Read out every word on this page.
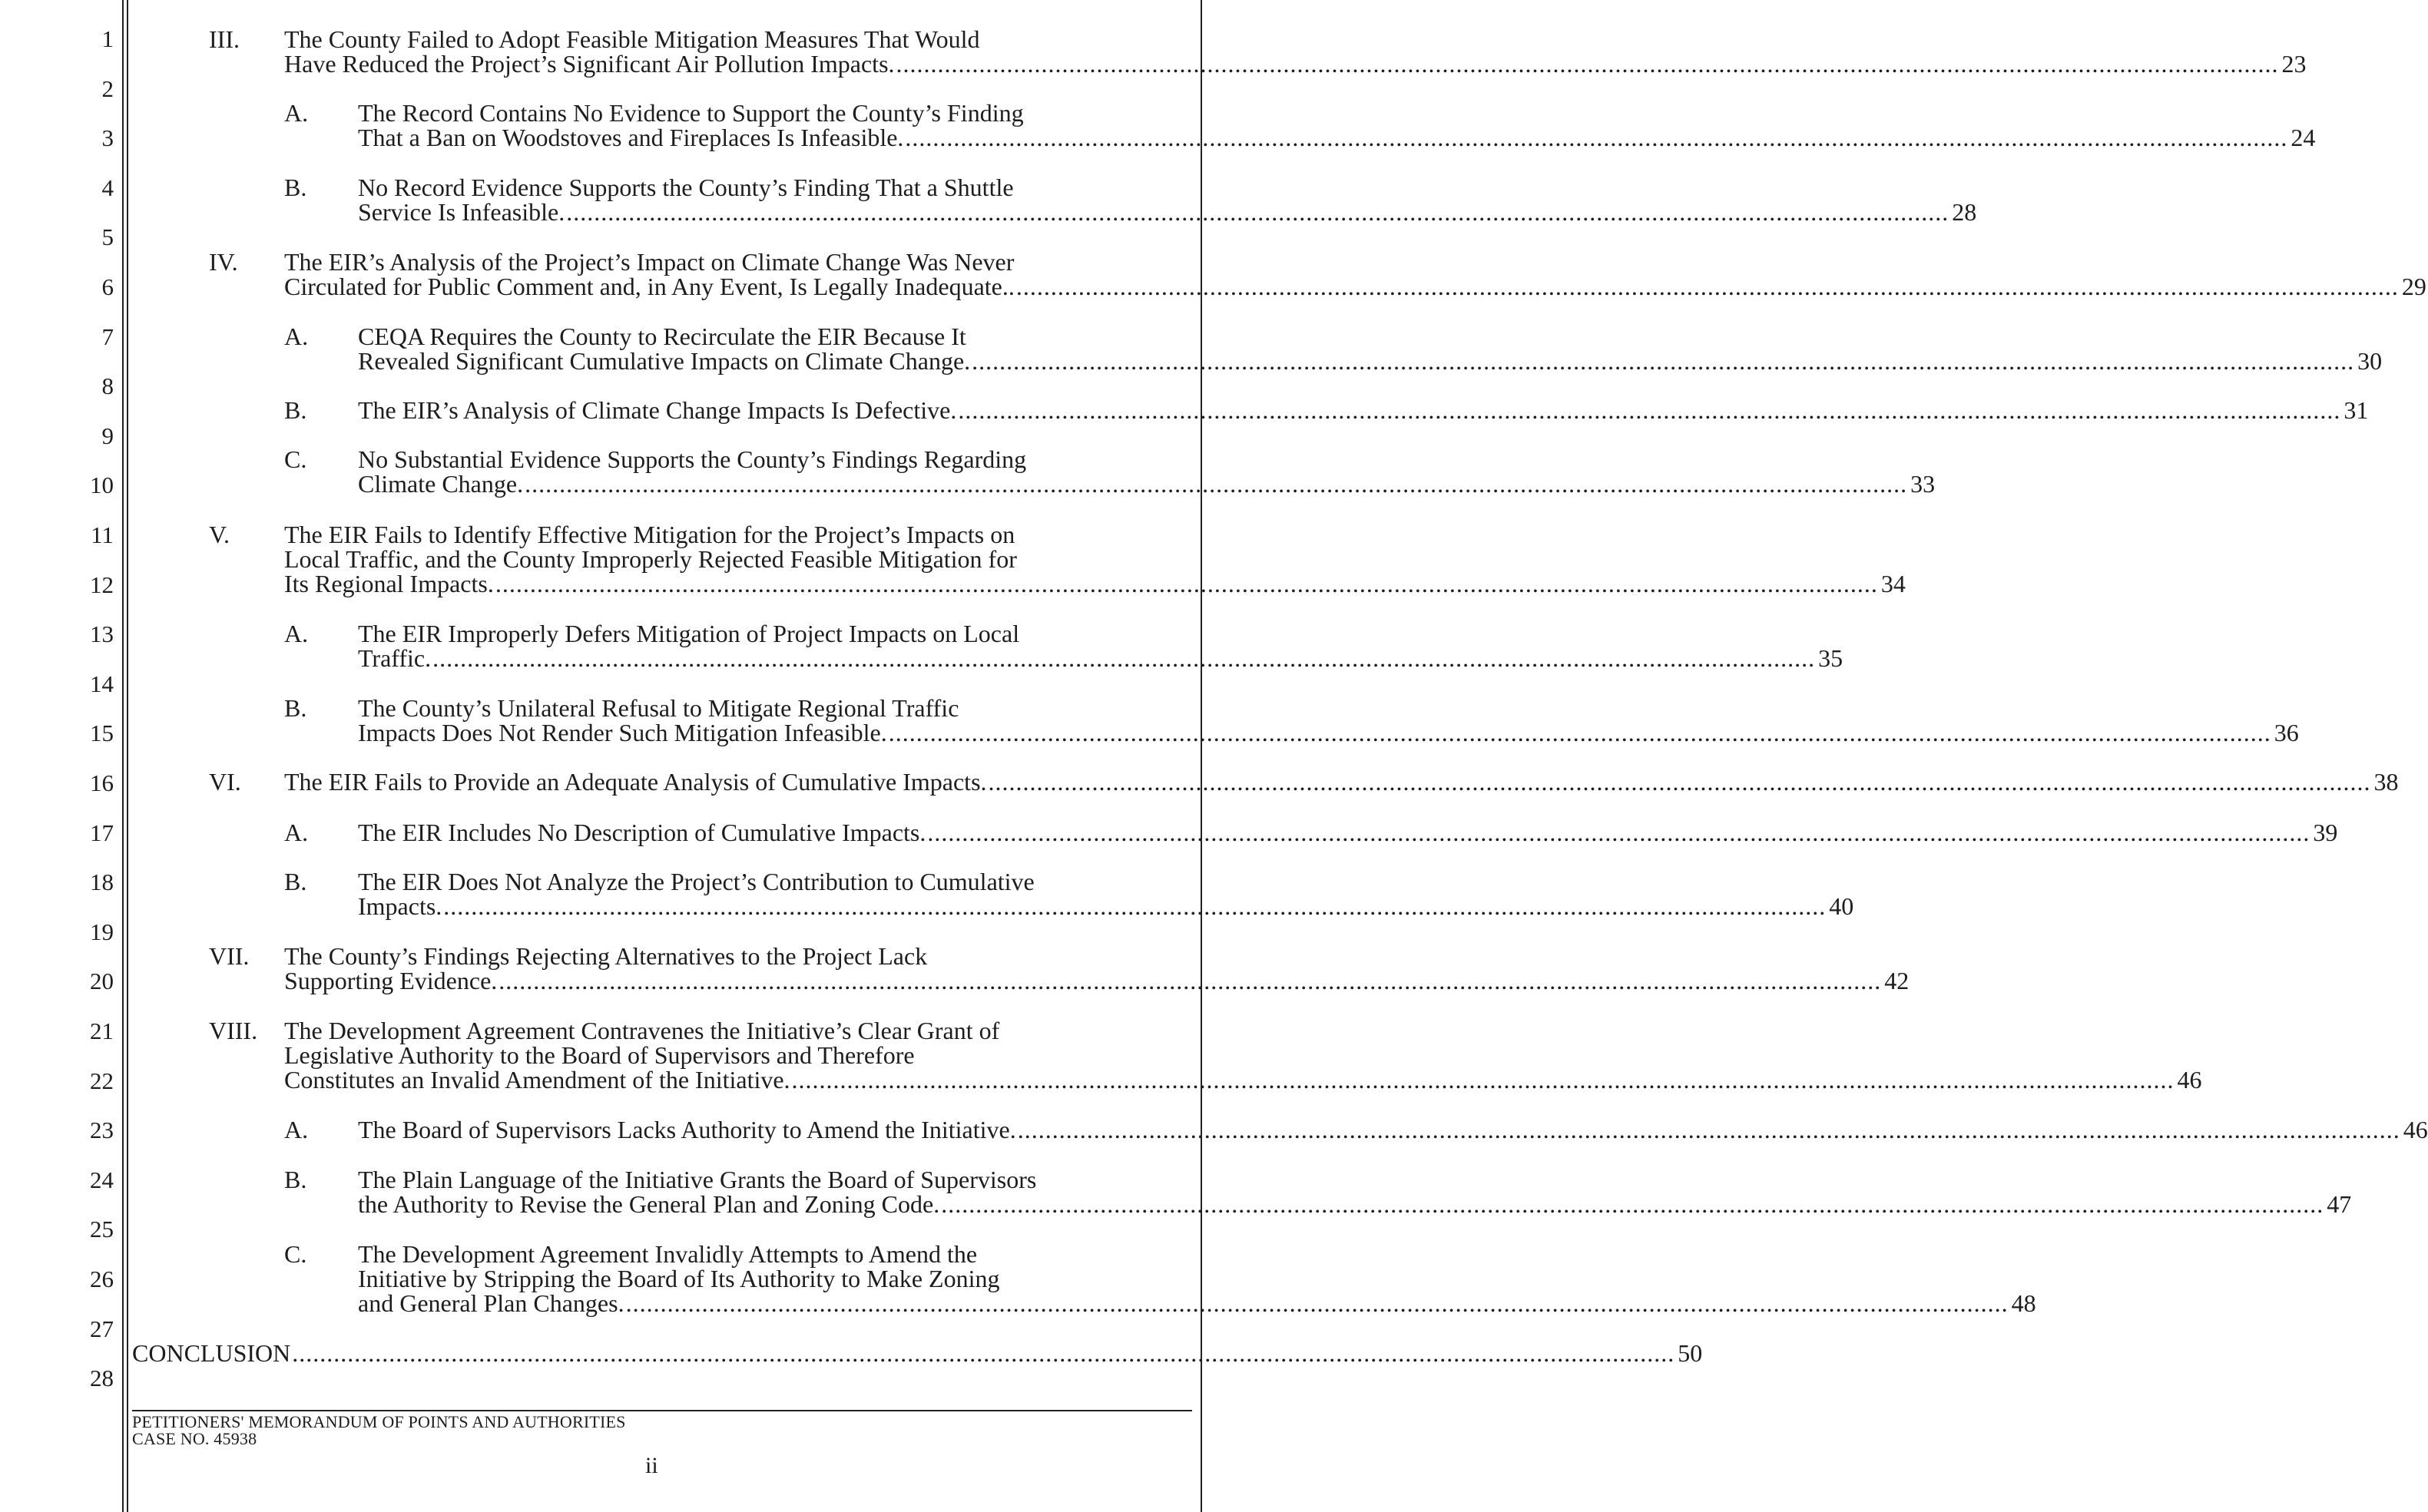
1
2
3
4
5
6
7
8
9
10
11
12
13
14
15
16
17
18
19
20
21
22
23
24
25
26
27
28
III. The County Failed to Adopt Feasible Mitigation Measures That Would
Have Reduced the Project’s Significant Air Pollution Impacts. ........................................................................................................................................................................................................ 23
A. The Record Contains No Evidence to Support the County’s Finding
That a Ban on Woodstoves and Fireplaces Is Infeasible. ........................................................................................................................................................................................................ 24
B. No Record Evidence Supports the County’s Finding That a Shuttle
Service Is Infeasible. ........................................................................................................................................................................................................ 28
IV. The EIR’s Analysis of the Project’s Impact on Climate Change Was Never
Circulated for Public Comment and, in Any Event, Is Legally Inadequate.. ........................................................................................................................................................................................................ 29
A. CEQA Requires the County to Recirculate the EIR Because It
Revealed Significant Cumulative Impacts on Climate Change. ........................................................................................................................................................................................................ 30
B. The EIR’s Analysis of Climate Change Impacts Is Defective. ........................................................................................................................................................................................................ 31
C. No Substantial Evidence Supports the County’s Findings Regarding
Climate Change. ........................................................................................................................................................................................................ 33
V. The EIR Fails to Identify Effective Mitigation for the Project’s Impacts on
Local Traffic, and the County Improperly Rejected Feasible Mitigation for
Its Regional Impacts. ........................................................................................................................................................................................................ 34
A. The EIR Improperly Defers Mitigation of Project Impacts on Local
Traffic. ........................................................................................................................................................................................................ 35
B. The County’s Unilateral Refusal to Mitigate Regional Traffic
Impacts Does Not Render Such Mitigation Infeasible. ........................................................................................................................................................................................................ 36
VI. The EIR Fails to Provide an Adequate Analysis of Cumulative Impacts. ........................................................................................................................................................................................................ 38
A. The EIR Includes No Description of Cumulative Impacts. ........................................................................................................................................................................................................ 39
B. The EIR Does Not Analyze the Project’s Contribution to Cumulative
Impacts. ........................................................................................................................................................................................................ 40
VII. The County’s Findings Rejecting Alternatives to the Project Lack
Supporting Evidence. ........................................................................................................................................................................................................ 42
VIII. The Development Agreement Contravenes the Initiative’s Clear Grant of
Legislative Authority to the Board of Supervisors and Therefore
Constitutes an Invalid Amendment of the Initiative. ........................................................................................................................................................................................................ 46
A. The Board of Supervisors Lacks Authority to Amend the Initiative. ........................................................................................................................................................................................................ 46
B. The Plain Language of the Initiative Grants the Board of Supervisors
the Authority to Revise the General Plan and Zoning Code. ........................................................................................................................................................................................................ 47
C. The Development Agreement Invalidly Attempts to Amend the
Initiative by Stripping the Board of Its Authority to Make Zoning
and General Plan Changes. ........................................................................................................................................................................................................ 48
CONCLUSION ........................................................................................................................................................................................................ 50
PETITIONERS' MEMORANDUM OF POINTS AND AUTHORITIES
CASE NO. 45938
ii
